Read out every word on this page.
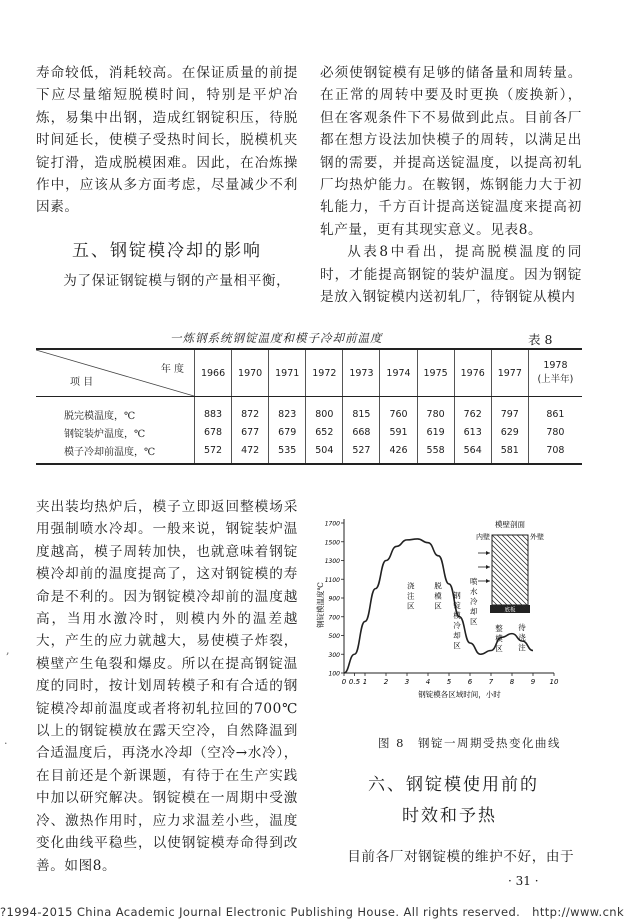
寿命较低，消耗较高。在保证质量的前提下应尽量缩短脱模时间，特别是平炉冶炼，易集中出钢，造成红钢锭积压，待脱时间延长，使模子受热时间长，脱模机夹锭打滑，造成脱模困难。因此，在冶炼操作中，应该从多方面考虑，尽量减少不利因素。

五、钢锭模冷却的影响

为了保证钢锭模与钢的产量相平衡，

必须使钢锭模有足够的储备量和周转量。在正常的周转中要及时更换（废换新），但在客观条件下不易做到此点。目前各厂都在想方设法加快模子的周转，以满足出钢的需要，并提高送锭温度，以提高初轧厂均热炉能力。在鞍钢，炼钢能力大于初轧能力，千方百计提高送锭温度来提高初轧产量，更有其现实意义。见表8。

从表8中看出，提高脱模温度的同时，才能提高钢锭的装炉温度。因为钢锭是放入钢锭模内送初轧厂，待钢锭从模内

一炼钢系统钢锭温度和模子冷却前温度	表 8
年 度
项 目	1966	1970	1971	1972	1973	1974	1975	1976	1977	1978
(上半年)
脱完模温度，℃	883	872	823	800	815	760	780	762	797	861
钢锭装炉温度，℃	678	677	679	652	668	591	619	613	629	780
模子冷却前温度，℃	572	472	535	504	527	426	558	564	581	708

夹出装均热炉后，模子立即返回整模场采用强制喷水冷却。一般来说，钢锭装炉温度越高，模子周转加快，也就意味着钢锭模冷却前的温度提高了，这对钢锭模的寿命是不利的。因为钢锭模冷却前的温度越高，当用水激冷时，则模内外的温差越大，产生的应力就越大，易使模子炸裂，模壁产生龟裂和爆皮。所以在提高钢锭温度的同时，按计划周转模子和有合适的钢锭模冷却前温度或者将初轧拉回的700℃以上的钢锭模放在露天空冷，自然降温到合适温度后，再浇水冷却（空冷→水冷），在目前还是个新课题，有待于在生产实践中加以研究解决。钢锭模在一周期中受激冷、激热作用时，应力求温差小些，温度变化曲线平稳些，以使钢锭模寿命得到改善。如图8。

1700
1500
1300
1100
900
700
500
300
100
0 0.5 1 2 3 4 5 6 7 8 9 10
浇注区
脱模区
钢锭模冷却区
喷水冷却区
整模区
待浇注
模壁剖面
底板
内壁	外壁
钢锭模温度℃
钢锭模各区域时间，小时
图 8　钢锭一周期受热变化曲线
六、钢锭模使用前的
时效和予热

目前各厂对钢锭模的维护不好，由于

,
.
· 31 ·
?1994-2015 China Academic Journal Electronic Publishing House. All rights reserved.　http://www.cnk
